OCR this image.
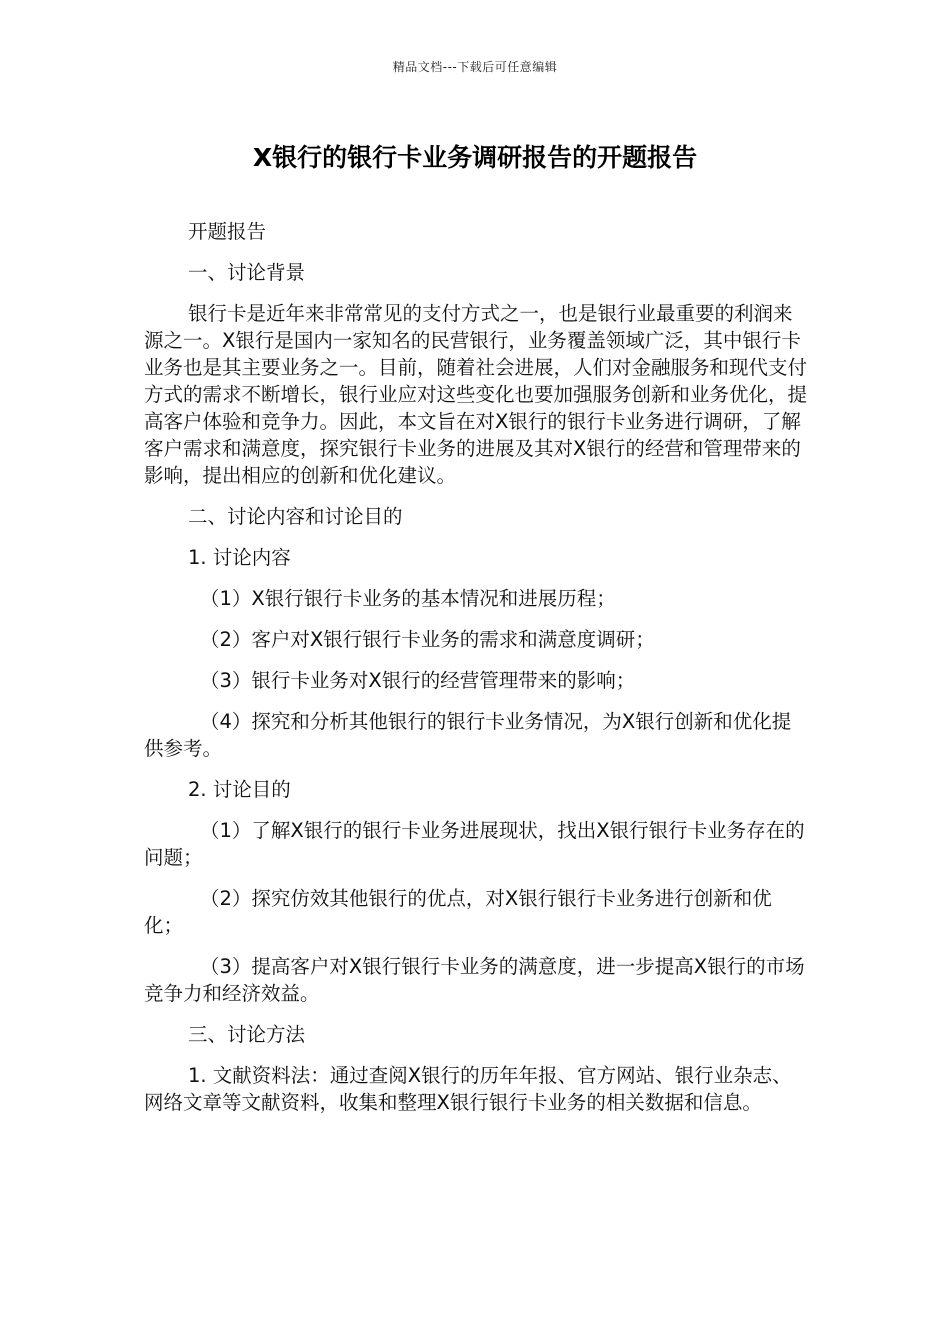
精品文档---下载后可任意编辑
X银行的银行卡业务调研报告的开题报告

开题报告

一、讨论背景

银行卡是近年来非常常见的支付方式之一，也是银行业最重要的利润来源之一。X银行是国内一家知名的民营银行，业务覆盖领域广泛，其中银行卡业务也是其主要业务之一。目前，随着社会进展，人们对金融服务和现代支付方式的需求不断增长，银行业应对这些变化也要加强服务创新和业务优化，提高客户体验和竞争力。因此，本文旨在对X银行的银行卡业务进行调研，了解客户需求和满意度，探究银行卡业务的进展及其对X银行的经营和管理带来的影响，提出相应的创新和优化建议。

二、讨论内容和讨论目的

1. 讨论内容

（1）X银行银行卡业务的基本情况和进展历程；

（2）客户对X银行银行卡业务的需求和满意度调研；

（3）银行卡业务对X银行的经营管理带来的影响；

（4）探究和分析其他银行的银行卡业务情况，为X银行创新和优化提供参考。

2. 讨论目的

（1）了解X银行的银行卡业务进展现状，找出X银行银行卡业务存在的问题；

（2）探究仿效其他银行的优点，对X银行银行卡业务进行创新和优化；

（3）提高客户对X银行银行卡业务的满意度，进一步提高X银行的市场竞争力和经济效益。

三、讨论方法

1. 文献资料法：通过查阅X银行的历年年报、官方网站、银行业杂志、网络文章等文献资料，收集和整理X银行银行卡业务的相关数据和信息。
